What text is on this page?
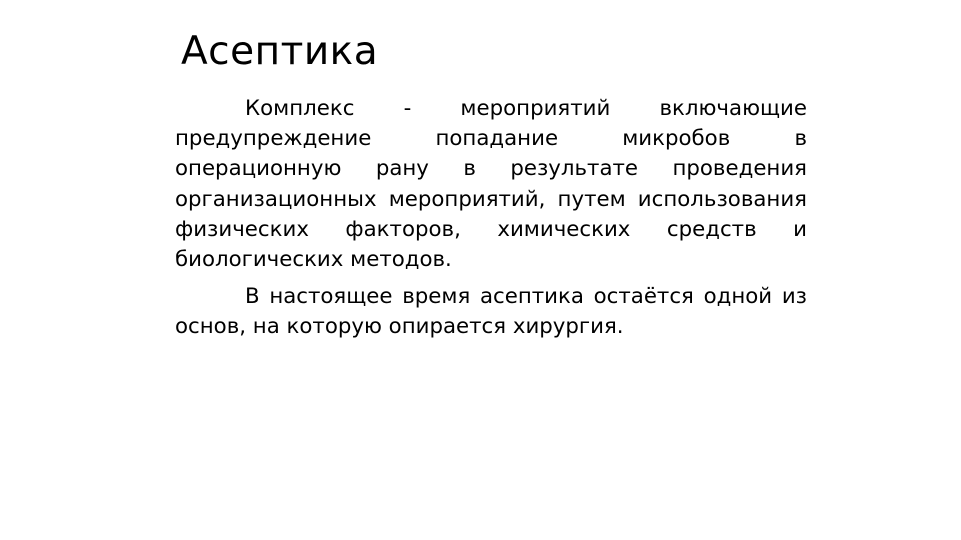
Асептика

Комплекс - мероприятий включающие предупреждение попадание микробов в операционную рану в результате проведения организационных мероприятий, путем использования физических факторов, химических средств и биологических методов.

В настоящее время асептика остаётся одной из основ, на которую опирается хирургия.
